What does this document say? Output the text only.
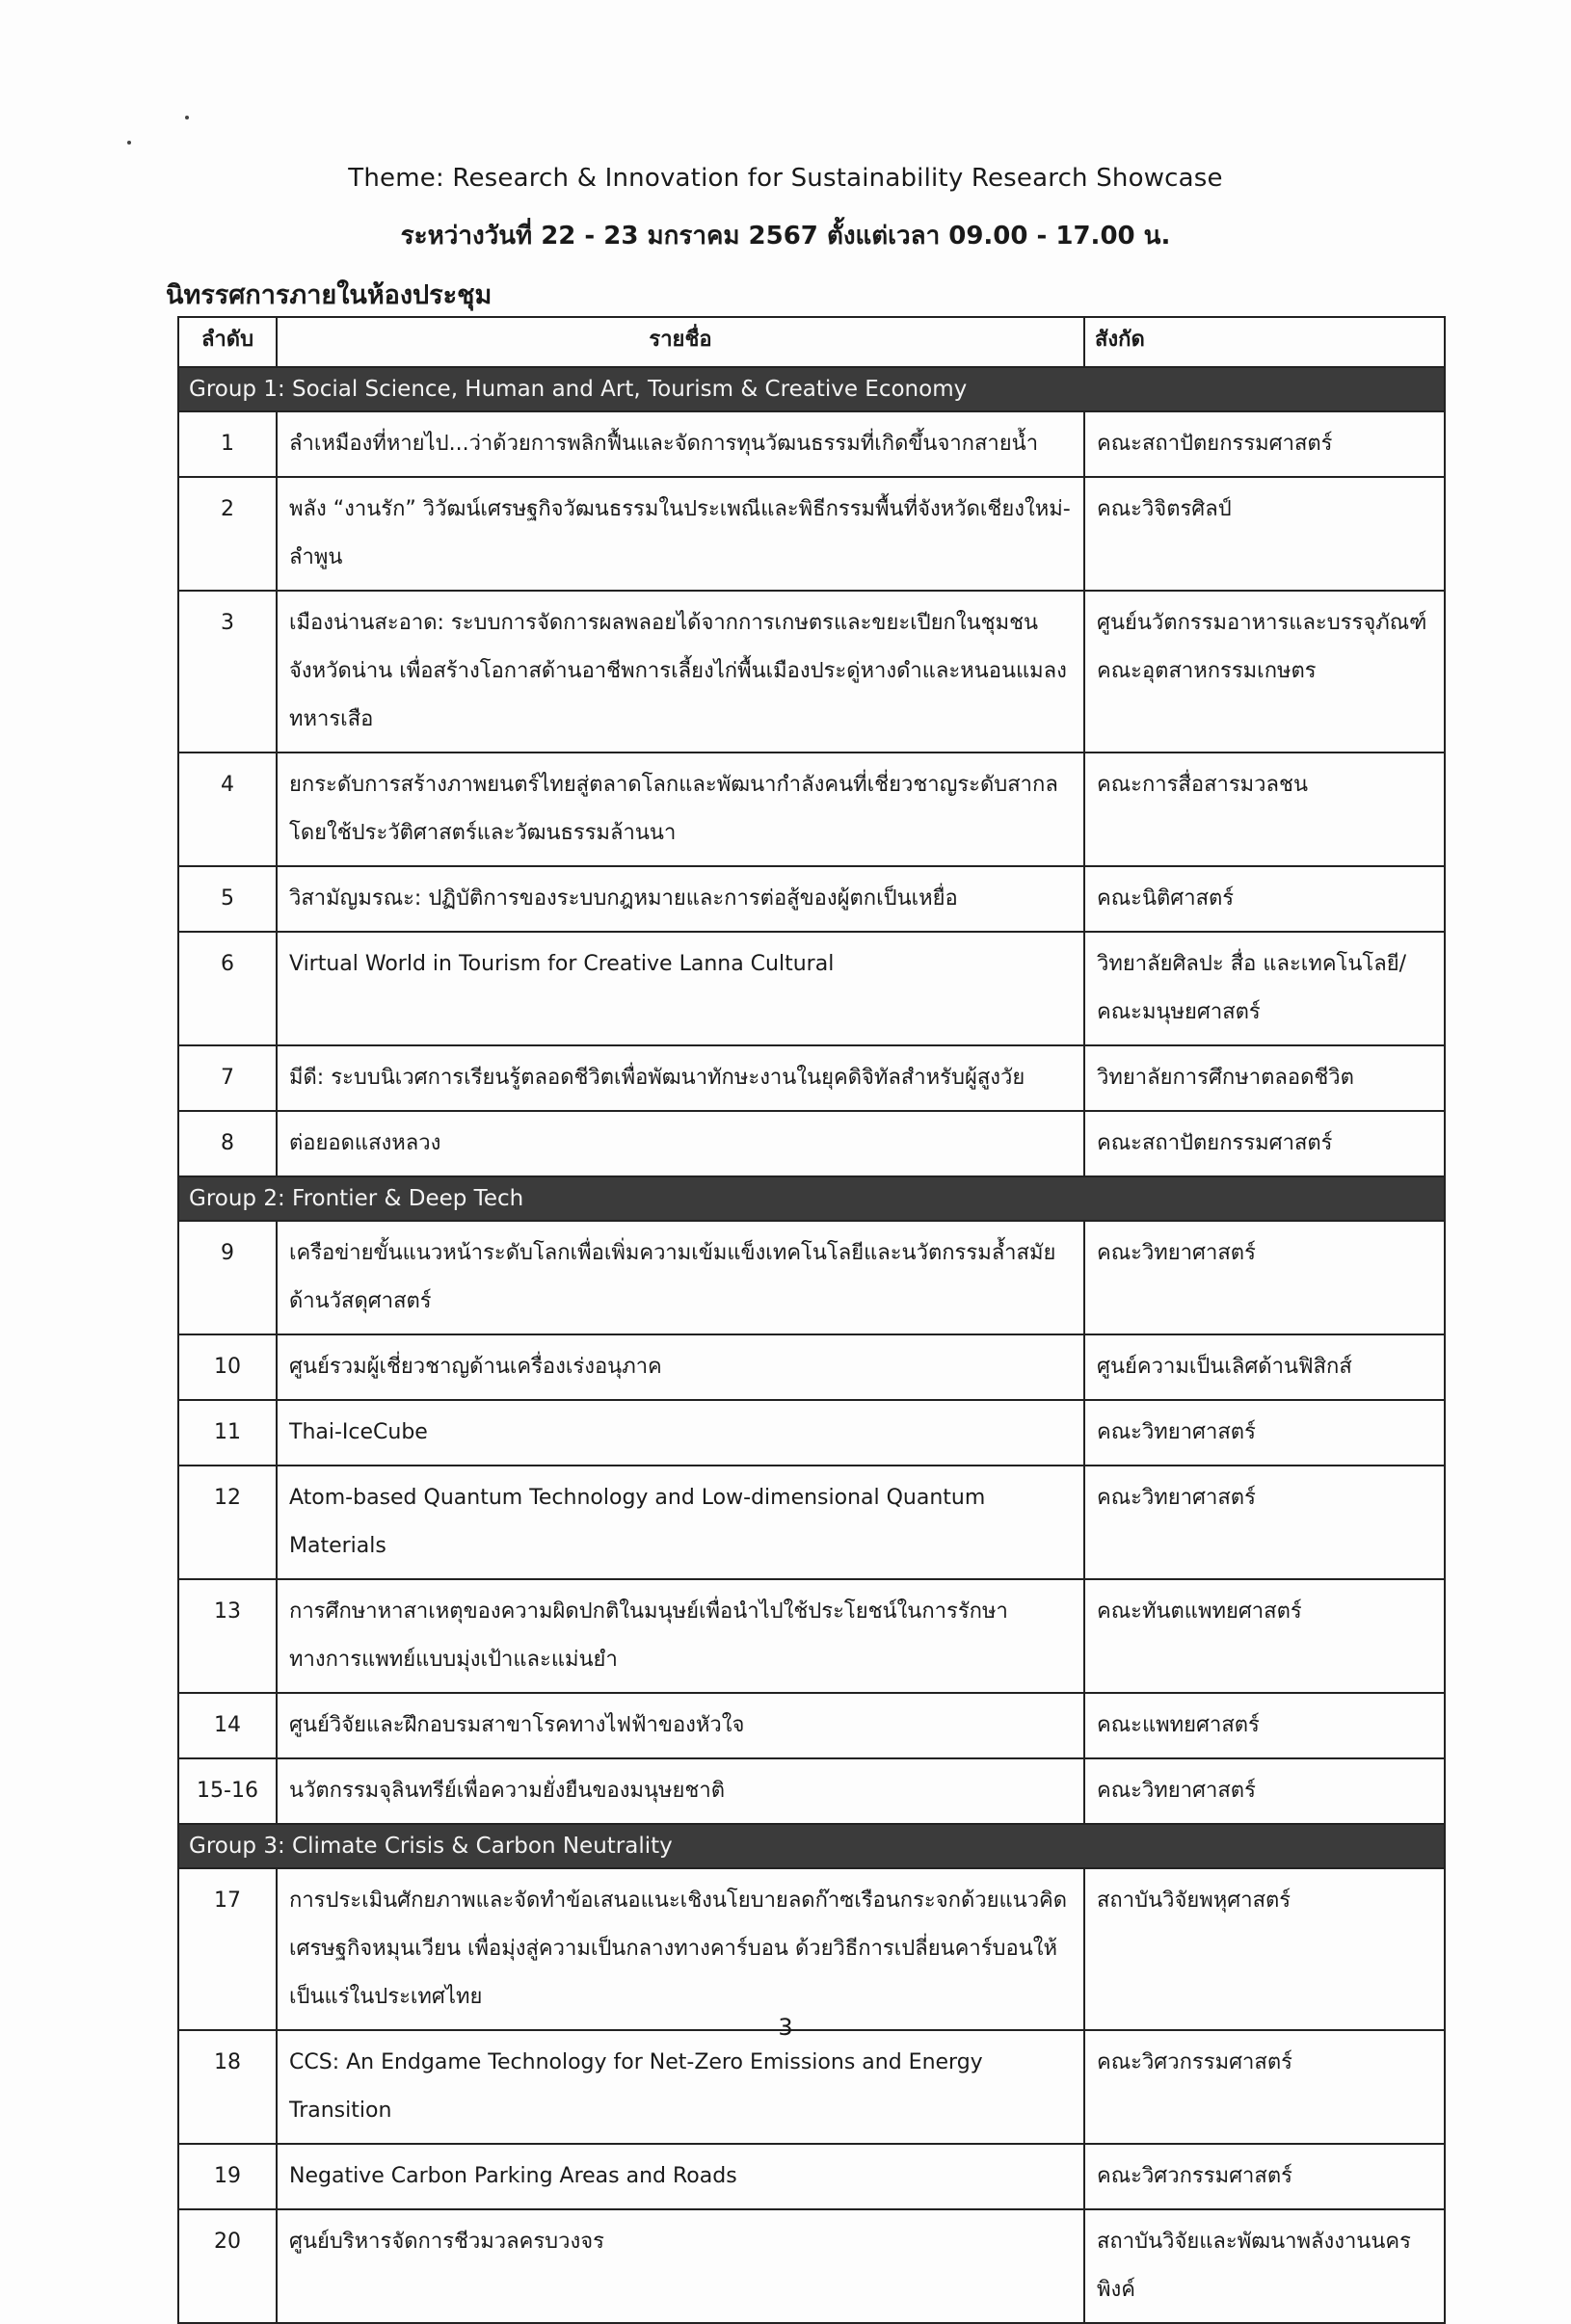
Theme: Research & Innovation for Sustainability Research Showcase
ระหว่างวันที่ 22 - 23 มกราคม 2567 ตั้งแต่เวลา 09.00 - 17.00 น.
นิทรรศการภายในห้องประชุม
ลำดับ	รายชื่อ	สังกัด
Group 1: Social Science, Human and Art, Tourism & Creative Economy		
1	ลำเหมืองที่หายไป...ว่าด้วยการพลิกฟื้นและจัดการทุนวัฒนธรรมที่เกิดขึ้นจากสายน้ำ	คณะสถาปัตยกรรมศาสตร์
2	พลัง “งานรัก” วิวัฒน์เศรษฐกิจวัฒนธรรมในประเพณีและพิธีกรรมพื้นที่จังหวัดเชียงใหม่-ลำพูน	คณะวิจิตรศิลป์
3	เมืองน่านสะอาด: ระบบการจัดการผลพลอยได้จากการเกษตรและขยะเปียกในชุมชนจังหวัดน่าน เพื่อสร้างโอกาสด้านอาชีพการเลี้ยงไก่พื้นเมืองประดู่หางดำและหนอนแมลงทหารเสือ	ศูนย์นวัตกรรมอาหารและบรรจุภัณฑ์ คณะอุตสาหกรรมเกษตร
4	ยกระดับการสร้างภาพยนตร์ไทยสู่ตลาดโลกและพัฒนากำลังคนที่เชี่ยวชาญระดับสากลโดยใช้ประวัติศาสตร์และวัฒนธรรมล้านนา	คณะการสื่อสารมวลชน
5	วิสามัญมรณะ: ปฏิบัติการของระบบกฎหมายและการต่อสู้ของผู้ตกเป็นเหยื่อ	คณะนิติศาสตร์
6	Virtual World in Tourism for Creative Lanna Cultural	วิทยาลัยศิลปะ สื่อ และเทคโนโลยี/คณะมนุษยศาสตร์
7	มีดี: ระบบนิเวศการเรียนรู้ตลอดชีวิตเพื่อพัฒนาทักษะงานในยุคดิจิทัลสำหรับผู้สูงวัย	วิทยาลัยการศึกษาตลอดชีวิต
8	ต่อยอดแสงหลวง	คณะสถาปัตยกรรมศาสตร์
Group 2: Frontier & Deep Tech		
9	เครือข่ายขั้นแนวหน้าระดับโลกเพื่อเพิ่มความเข้มแข็งเทคโนโลยีและนวัตกรรมล้ำสมัยด้านวัสดุศาสตร์	คณะวิทยาศาสตร์
10	ศูนย์รวมผู้เชี่ยวชาญด้านเครื่องเร่งอนุภาค	ศูนย์ความเป็นเลิศด้านฟิสิกส์
11	Thai-IceCube	คณะวิทยาศาสตร์
12	Atom-based Quantum Technology and Low-dimensional Quantum Materials	คณะวิทยาศาสตร์
13	การศึกษาหาสาเหตุของความผิดปกติในมนุษย์เพื่อนำไปใช้ประโยชน์ในการรักษาทางการแพทย์แบบมุ่งเป้าและแม่นยำ	คณะทันตแพทยศาสตร์
14	ศูนย์วิจัยและฝึกอบรมสาขาโรคทางไฟฟ้าของหัวใจ	คณะแพทยศาสตร์
15-16	นวัตกรรมจุลินทรีย์เพื่อความยั่งยืนของมนุษยชาติ	คณะวิทยาศาสตร์
Group 3: Climate Crisis & Carbon Neutrality		
17	การประเมินศักยภาพและจัดทำข้อเสนอแนะเชิงนโยบายลดก๊าซเรือนกระจกด้วยแนวคิดเศรษฐกิจหมุนเวียน เพื่อมุ่งสู่ความเป็นกลางทางคาร์บอน ด้วยวิธีการเปลี่ยนคาร์บอนให้เป็นแร่ในประเทศไทย	สถาบันวิจัยพหุศาสตร์
18	CCS: An Endgame Technology for Net-Zero Emissions and Energy Transition	คณะวิศวกรรมศาสตร์
19	Negative Carbon Parking Areas and Roads	คณะวิศวกรรมศาสตร์
20	ศูนย์บริหารจัดการชีวมวลครบวงจร	สถาบันวิจัยและพัฒนาพลังงานนครพิงค์
3
